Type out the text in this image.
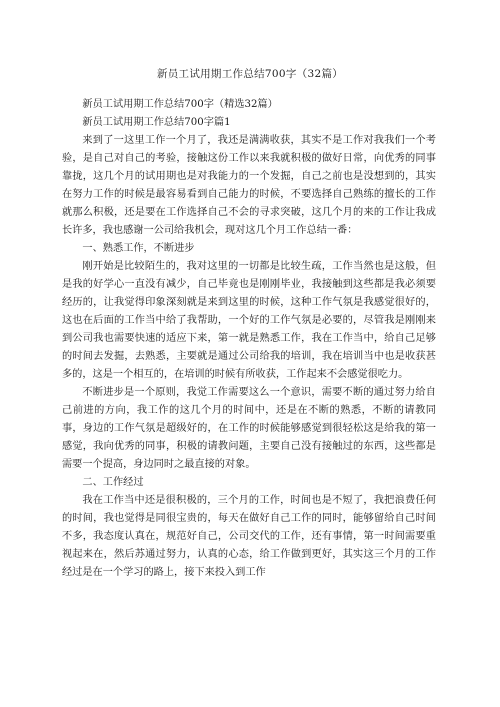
新员工试用期工作总结700字（32篇）

新员工试用期工作总结700字（精选32篇）

新员工试用期工作总结700字篇1

来到了一这里工作一个月了，我还是满满收获，其实不是工作对我我们一个考验，是自己对自己的考验，接触这份工作以来我就积极的做好日常，向优秀的同事靠拢，这几个月的试用期也是对我能力的一个发掘，自己之前也是没想到的，其实在努力工作的时候是最容易看到自己能力的时候，不要选择自己熟练的擅长的工作就那么积极，还是要在工作选择自己不会的寻求突破，这几个月的来的工作让我成长许多，我也感谢一公司给我机会，现对这几个月工作总结一番：

一、熟悉工作，不断进步

刚开始是比较陌生的，我对这里的一切都是比较生疏，工作当然也是这般，但是我的好学心一直没有减少，自己毕竟也是刚刚毕业，我接触到这些都是我必须要经历的，让我觉得印象深刻就是来到这里的时候，这种工作气氛是我感觉很好的，这也在后面的工作当中给了我帮助，一个好的工作气氛是必要的，尽管我是刚刚来到公司我也需要快速的适应下来，第一就是熟悉工作，我在工作当中，给自己足够的时间去发掘，去熟悉，主要就是通过公司给我的培训，我在培训当中也是收获甚多的，这是一个相互的，在培训的时候有所收获，工作起来不会感觉很吃力。

不断进步是一个原则，我觉工作需要这么一个意识，需要不断的通过努力给自己前进的方向，我工作的这几个月的时间中，还是在不断的熟悉，不断的请教同事，身边的工作气氛是超级好的，在工作的时候能够感觉到很轻松这是给我的第一感觉，我向优秀的同事，积极的请教问题，主要自己没有接触过的东西，这些都是需要一个提高，身边同时之最直接的对象。

二、工作经过

我在工作当中还是很积极的，三个月的工作，时间也是不短了，我把浪费任何的时间，我也觉得是同很宝贵的，每天在做好自己工作的同时，能够留给自己时间不多，我态度认真在，规范好自己，公司交代的工作，还有事情，第一时间需要重视起来在，然后苏通过努力，认真的心态，给工作做到更好，其实这三个月的工作经过是在一个学习的路上，接下来投入到工作
